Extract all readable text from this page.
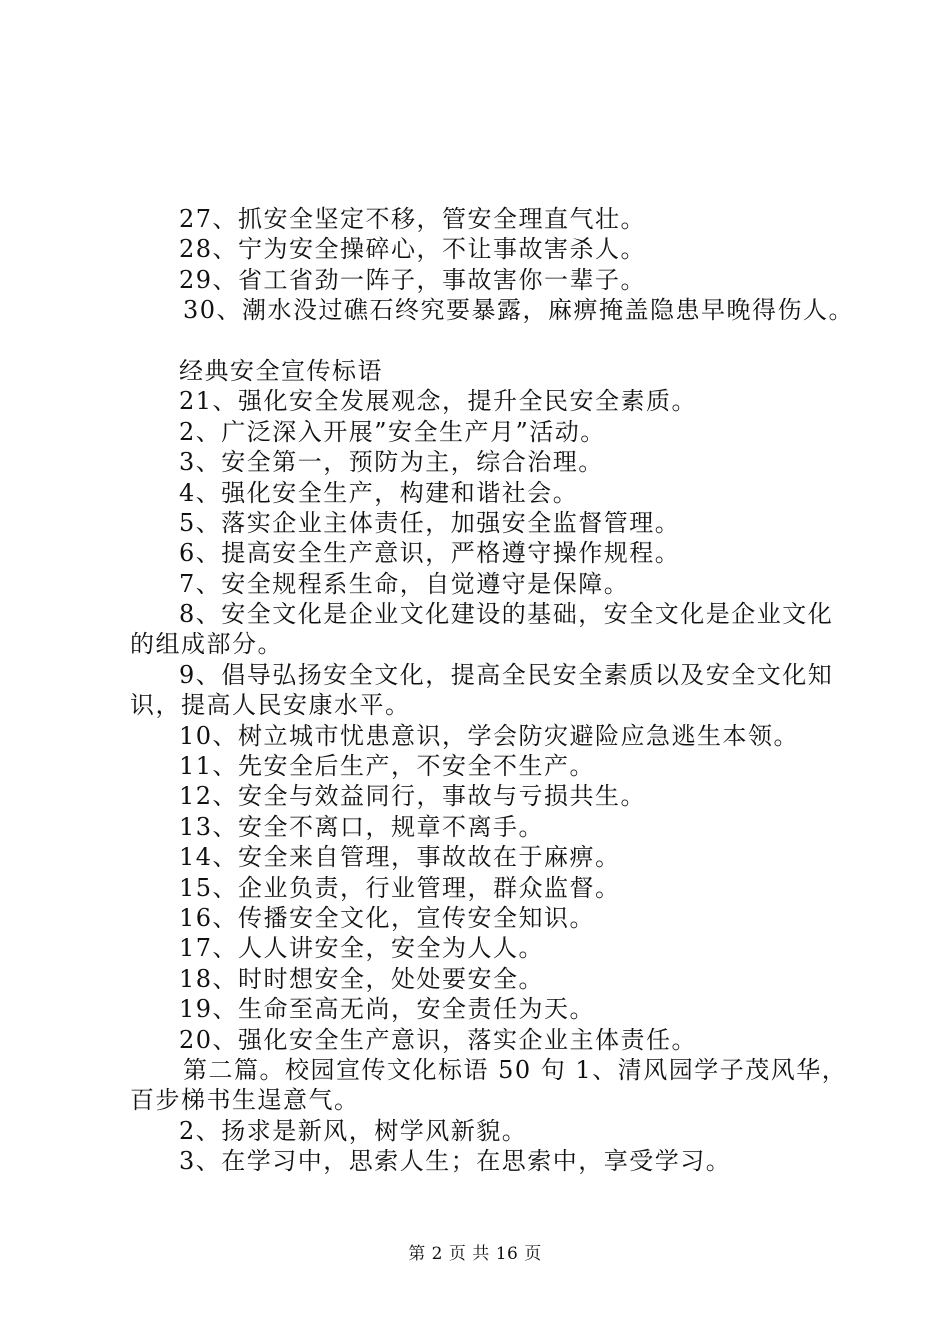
27、抓安全坚定不移，管安全理直气壮。
28、宁为安全操碎心，不让事故害杀人。
29、省工省劲一阵子，事故害你一辈子。
30、潮水没过礁石终究要暴露，麻痹掩盖隐患早晚得伤人。
经典安全宣传标语
21、强化安全发展观念，提升全民安全素质。
2、广泛深入开展”安全生产月”活动。
3、安全第一，预防为主，综合治理。
4、强化安全生产，构建和谐社会。
5、落实企业主体责任，加强安全监督管理。
6、提高安全生产意识，严格遵守操作规程。
7、安全规程系生命，自觉遵守是保障。
8、安全文化是企业文化建设的基础，安全文化是企业文化
的组成部分。
9、倡导弘扬安全文化，提高全民安全素质以及安全文化知
识，提高人民安康水平。
10、树立城市忧患意识，学会防灾避险应急逃生本领。
11、先安全后生产，不安全不生产。
12、安全与效益同行，事故与亏损共生。
13、安全不离口，规章不离手。
14、安全来自管理，事故故在于麻痹。
15、企业负责，行业管理，群众监督。
16、传播安全文化，宣传安全知识。
17、人人讲安全，安全为人人。
18、时时想安全，处处要安全。
19、生命至高无尚，安全责任为天。
20、强化安全生产意识，落实企业主体责任。
第二篇。校园宣传文化标语 50 句 1、清风园学子茂风华，
百步梯书生逞意气。
2、扬求是新风，树学风新貌。
3、在学习中，思索人生；在思索中，享受学习。
第 2 页 共 16 页
